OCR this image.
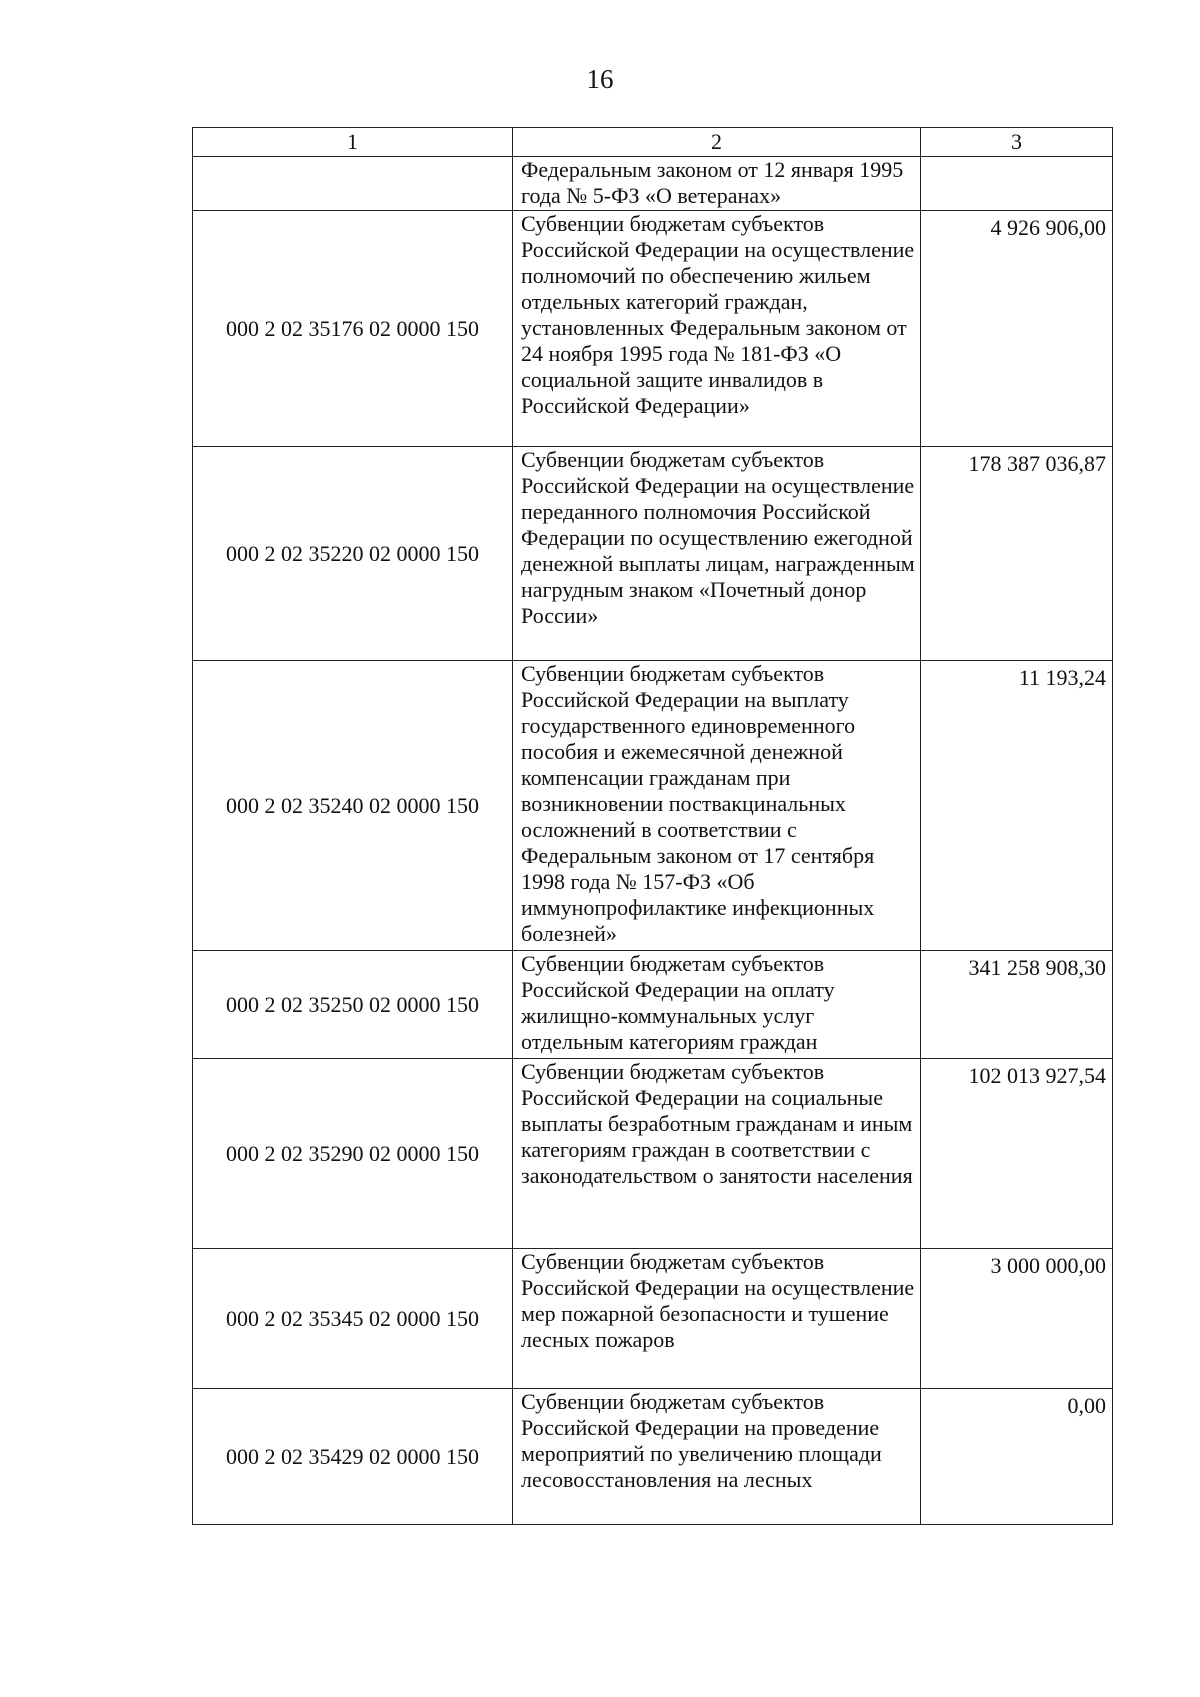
16
1	2	3
	Федеральным законом от 12 января 1995 года № 5-ФЗ «О ветеранах»	
000 2 02 35176 02 0000 150	Субвенции бюджетам субъектов Российской Федерации на осуществление полномочий по обеспечению жильем отдельных категорий граждан, установленных Федеральным законом от 24 ноября 1995 года № 181-ФЗ «О социальной защите инвалидов в Российской Федерации»	4 926 906,00
000 2 02 35220 02 0000 150	Субвенции бюджетам субъектов Российской Федерации на осуществление переданного полномочия Российской Федерации по осуществлению ежегодной денежной выплаты лицам, награжденным нагрудным знаком «Почетный донор России»	178 387 036,87
000 2 02 35240 02 0000 150	Субвенции бюджетам субъектов Российской Федерации на выплату государственного единовременного пособия и ежемесячной денежной компенсации гражданам при возникновении поствакцинальных осложнений в соответствии с Федеральным законом от 17 сентября 1998 года № 157-ФЗ «Об иммунопрофилактике инфекционных болезней»	11 193,24
000 2 02 35250 02 0000 150	Субвенции бюджетам субъектов Российской Федерации на оплату жилищно-коммунальных услуг отдельным категориям граждан	341 258 908,30
000 2 02 35290 02 0000 150	Субвенции бюджетам субъектов Российской Федерации на социальные выплаты безработным гражданам и иным категориям граждан в соответствии с законодательством о занятости населения	102 013 927,54
000 2 02 35345 02 0000 150	Субвенции бюджетам субъектов Российской Федерации на осуществление мер пожарной безопасности и тушение лесных пожаров	3 000 000,00
000 2 02 35429 02 0000 150	Субвенции бюджетам субъектов Российской Федерации на проведение мероприятий по увеличению площади лесовосстановления на лесных	0,00
